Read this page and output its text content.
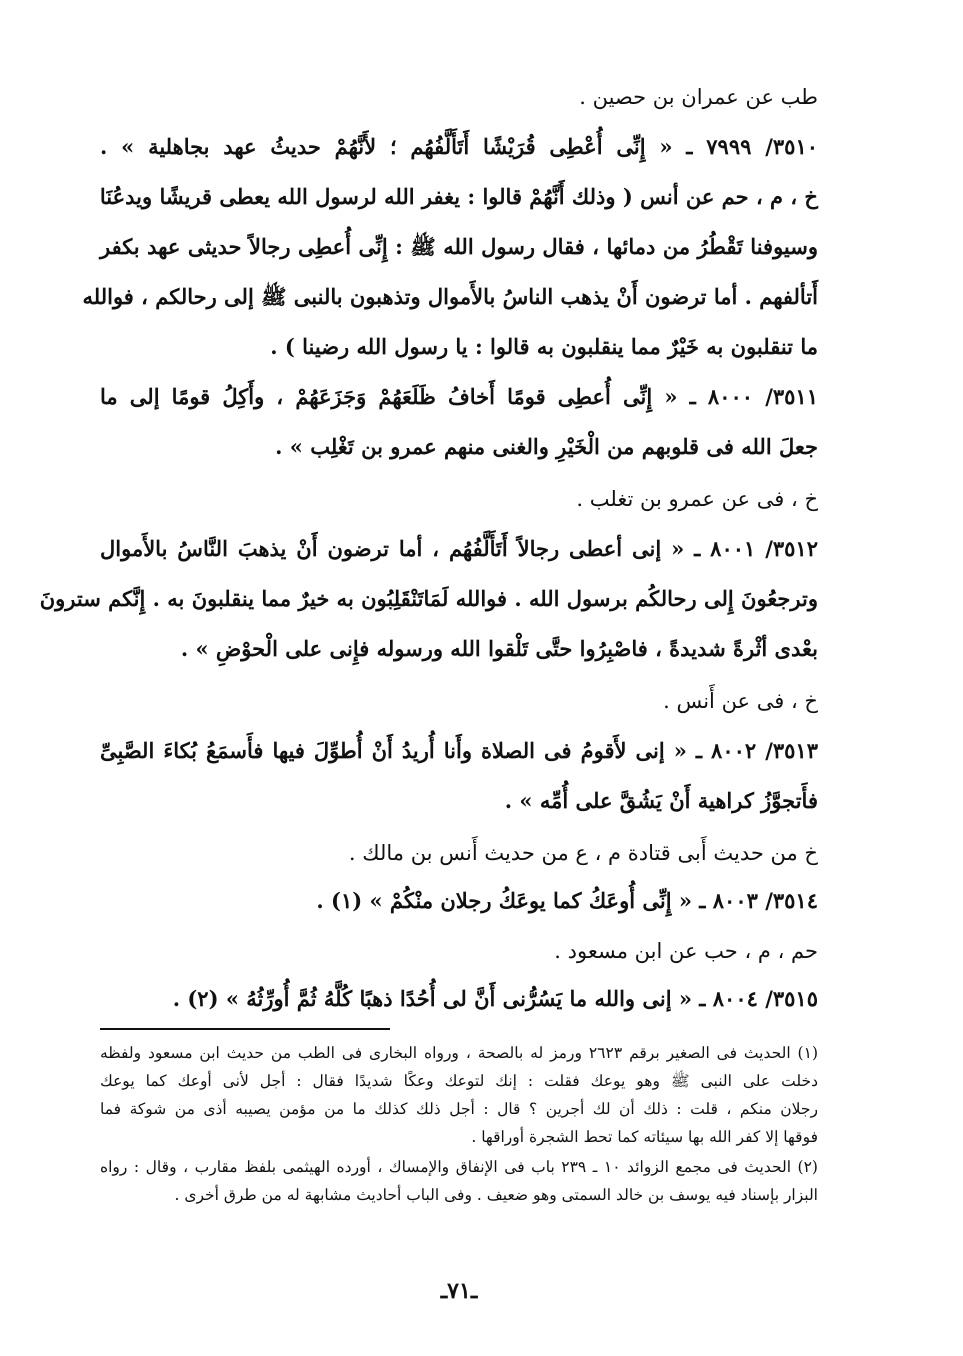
طب عن عمران بن حصين .
٣٥١٠/ ٧٩٩٩ ـ « إِنِّى أُعْطِى قُرَيْشًا أَتَأَلَّفُهُم ؛ لأَنَّهُمْ حديثُ عهد بجاهلية » .
خ ، م ، حم عن أنس ( وذلك أَنَّهُمْ قالوا : يغفر الله لرسول الله يعطى قريشًا ويدعُنَا
وسيوفنا تَقْطُرُ من دمائها ، فقال رسول الله ﷺ : إِنِّى أُعطِى رجالاً حديثى عهد بكفر
أَتألفهم . أما ترضون أَنْ يذهب الناسُ بالأَموال وتذهبون بالنبى ﷺ إلى رحالكم ، فوالله
ما تنقلبون به خَيْرٌ مما ينقلبون به قالوا : يا رسول الله رضينا ) .
٣٥١١/ ٨٠٠٠ ـ « إِنِّى أُعطِى قومًا أَخافُ ظَلَعَهُمْ وَجَزَعَهُمْ ، وأَكِلُ قومًا إلى ما
جعلَ الله فى قلوبهم من الْخَيْرِ والغنى منهم عمرو بن تَغْلِب » .
خ ، فى عن عمرو بن تغلب .
٣٥١٢/ ٨٠٠١ ـ « إنى أعطى رجالاً أَتَأَلَّفُهُم ، أما ترضون أَنْ يذهبَ النَّاسُ بالأَموال
وترجعُونَ إِلى رحالكُم برسول الله . فوالله لَمَاتَنْقَلِبُون به خيرٌ مما ينقلبونَ به . إِنَّكم سترونَ
بعْدى أثْرةً شديدةً ، فاصْبِرُوا حتَّى تَلْقوا الله ورسوله فإِنى على الْحوْضِ » .
خ ، فى عن أَنس .
٣٥١٣/ ٨٠٠٢ ـ « إنى لأَقومُ فى الصلاة وأَنا أُريدُ أَنْ أُطوِّلَ فيها فأَسمَعُ بُكاءَ الصَّبِىِّ
فأَتجوَّزُ كراهية أَنْ يَشُقَّ على أُمِّه » .
خ من حديث أَبى قتادة م ، ع من حديث أَنس بن مالك .
٣٥١٤/ ٨٠٠٣ ـ « إِنِّى أُوعَكُ كما يوعَكُ رجلان منْكُمْ » (١) .
حم ، م ، حب عن ابن مسعود .
٣٥١٥/ ٨٠٠٤ ـ « إنى والله ما يَسُرُّنى أَنَّ لى أُحُدًا ذهبًا كُلَّهُ ثُمَّ أُورِّثُهُ » (٢) .
(١) الحديث فى الصغير برقم ٢٦٢٣ ورمز له بالصحة ، ورواه البخارى فى الطب من حديث ابن مسعود ولفظه
دخلت على النبى ﷺ وهو يوعك فقلت : إنك لتوعك وعكًا شديدًا فقال : أجل لأنى أوعك كما يوعك
رجلان منكم ، قلت : ذلك أن لك أجرين ؟ قال : أجل ذلك كذلك ما من مؤمن يصيبه أذى من شوكة فما
فوقها إلا كفر الله بها سيئاته كما تحط الشجرة أوراقها .
(٢) الحديث فى مجمع الزوائد ١٠ ـ ٢٣٩ باب فى الإنفاق والإمساك ، أورده الهيثمى بلفظ مقارب ، وقال : رواه
البزار بإسناد فيه يوسف بن خالد السمتى وهو ضعيف . وفى الباب أحاديث مشابهة له من طرق أخرى .
ـ٧١ـ
